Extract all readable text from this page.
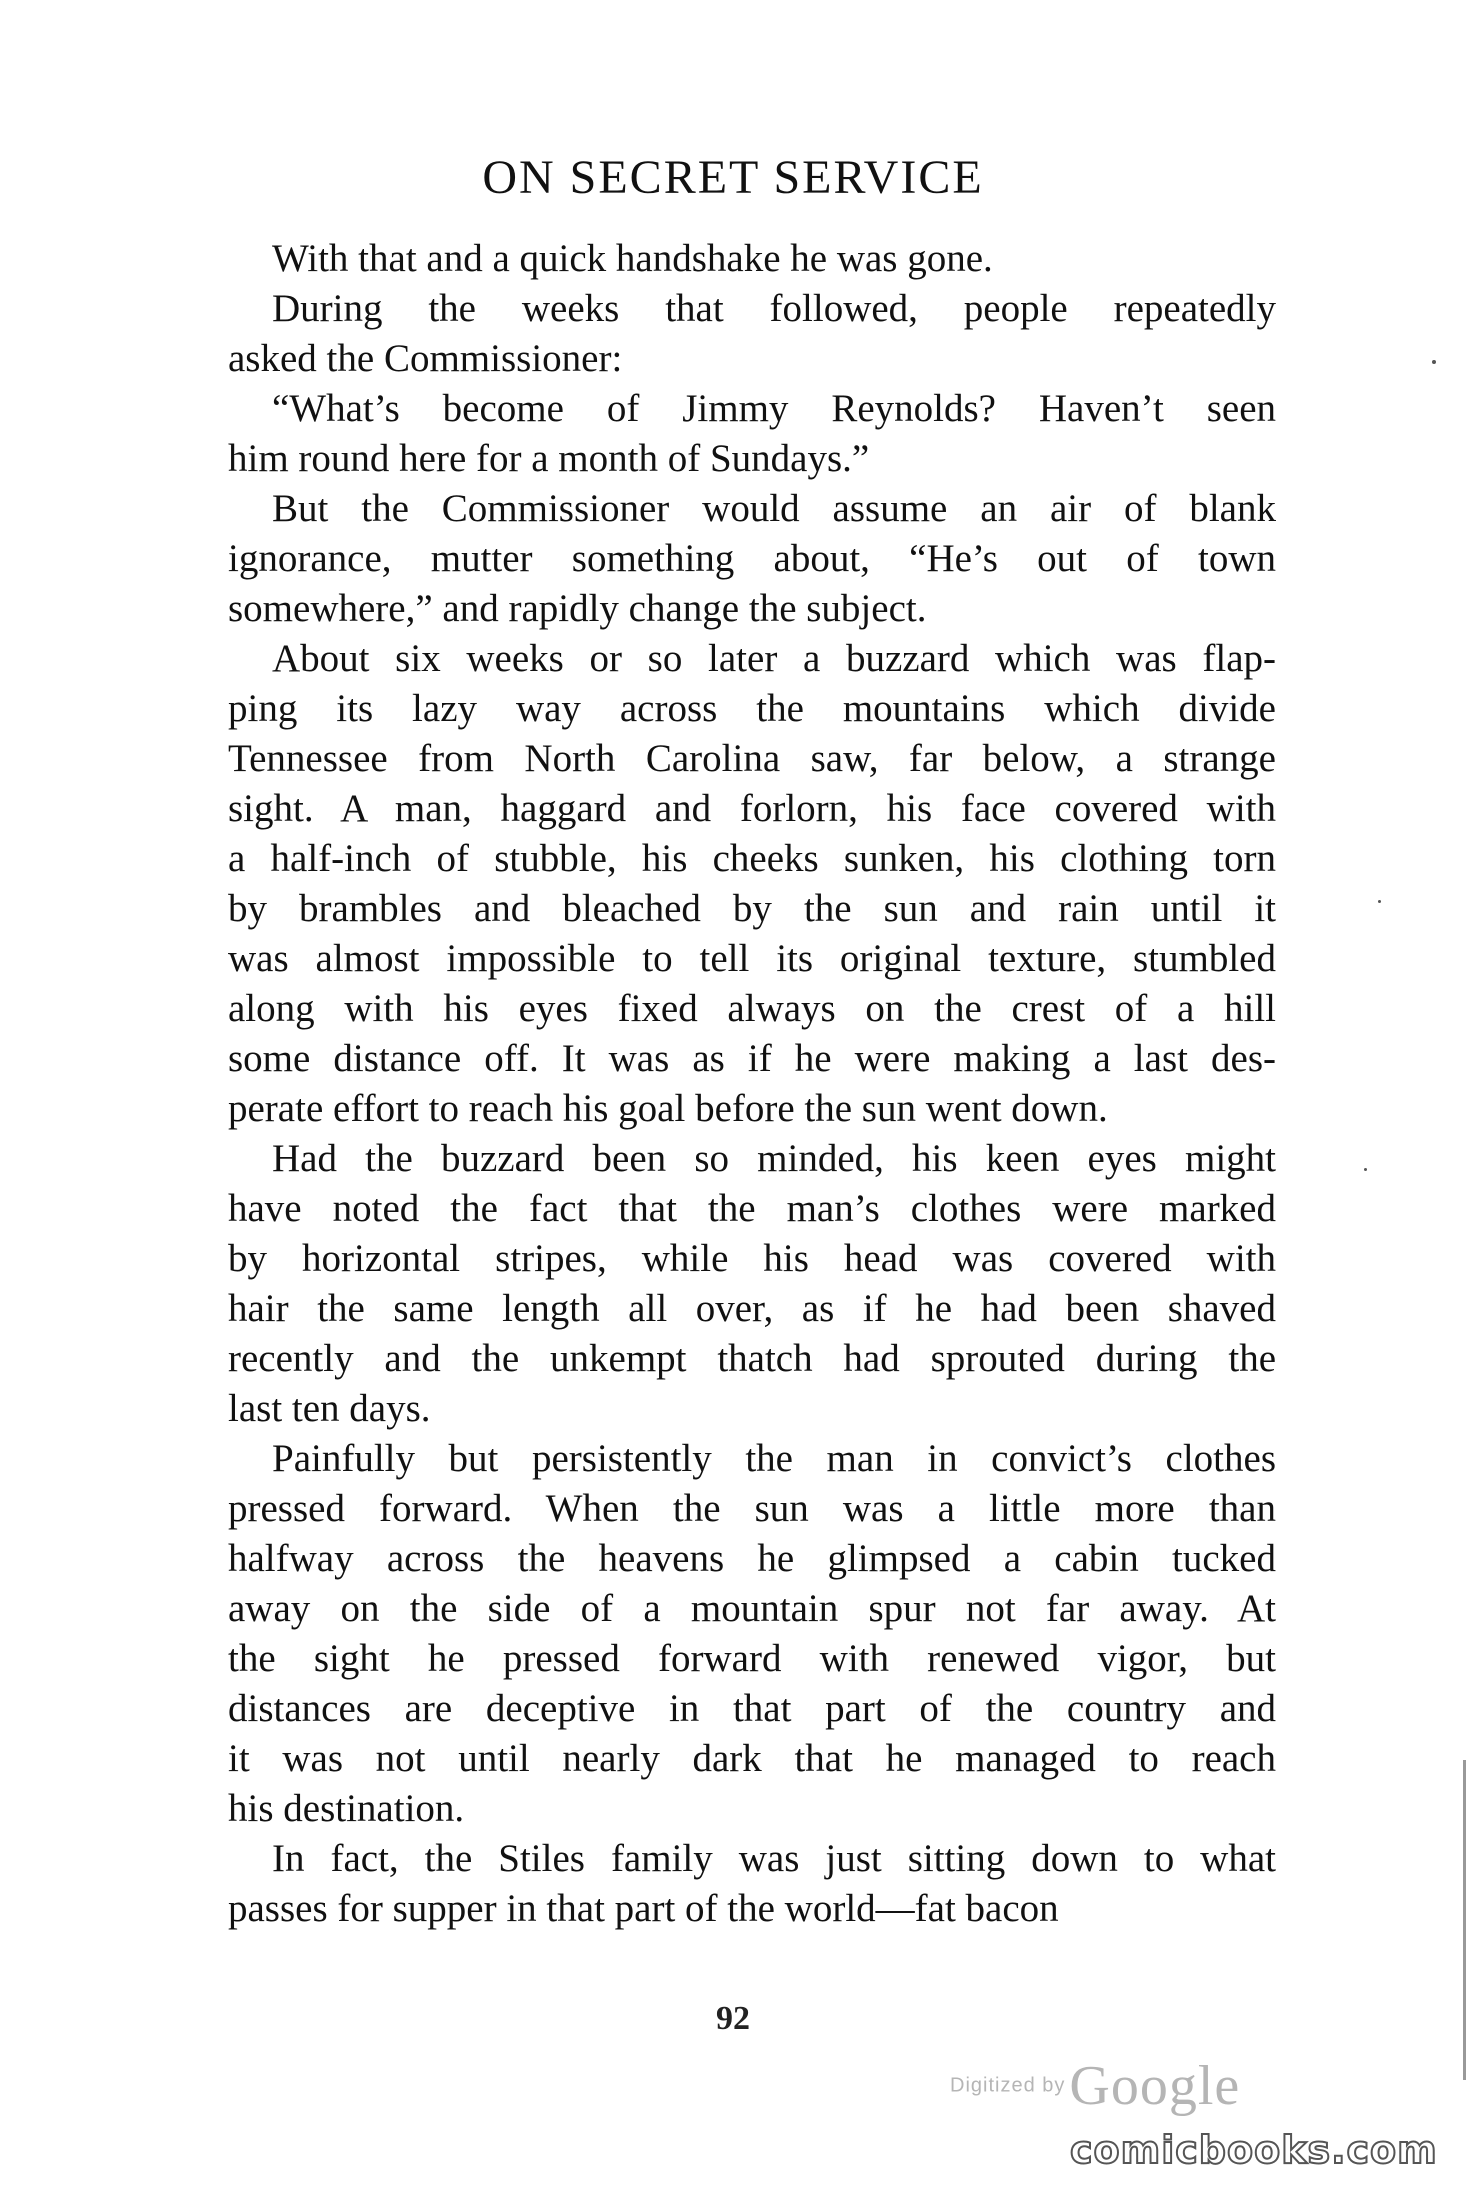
ON SECRET SERVICE
With that and a quick handshake he was gone.
During the weeks that followed, people repeatedly
asked the Commissioner:
“What’s become of Jimmy Reynolds? Haven’t seen
him round here for a month of Sundays.”
But the Commissioner would assume an air of blank
ignorance, mutter something about, “He’s out of town
somewhere,” and rapidly change the subject.
About six weeks or so later a buzzard which was flap-
ping its lazy way across the mountains which divide
Tennessee from North Carolina saw, far below, a strange
sight. A man, haggard and forlorn, his face covered with
a half-inch of stubble, his cheeks sunken, his clothing torn
by brambles and bleached by the sun and rain until it
was almost impossible to tell its original texture, stumbled
along with his eyes fixed always on the crest of a hill
some distance off. It was as if he were making a last des-
perate effort to reach his goal before the sun went down.
Had the buzzard been so minded, his keen eyes might
have noted the fact that the man’s clothes were marked
by horizontal stripes, while his head was covered with
hair the same length all over, as if he had been shaved
recently and the unkempt thatch had sprouted during the
last ten days.
Painfully but persistently the man in convict’s clothes
pressed forward. When the sun was a little more than
halfway across the heavens he glimpsed a cabin tucked
away on the side of a mountain spur not far away. At
the sight he pressed forward with renewed vigor, but
distances are deceptive in that part of the country and
it was not until nearly dark that he managed to reach
his destination.
In fact, the Stiles family was just sitting down to what
passes for supper in that part of the world—fat bacon
92
Digitized by Google
comicbooks.com
